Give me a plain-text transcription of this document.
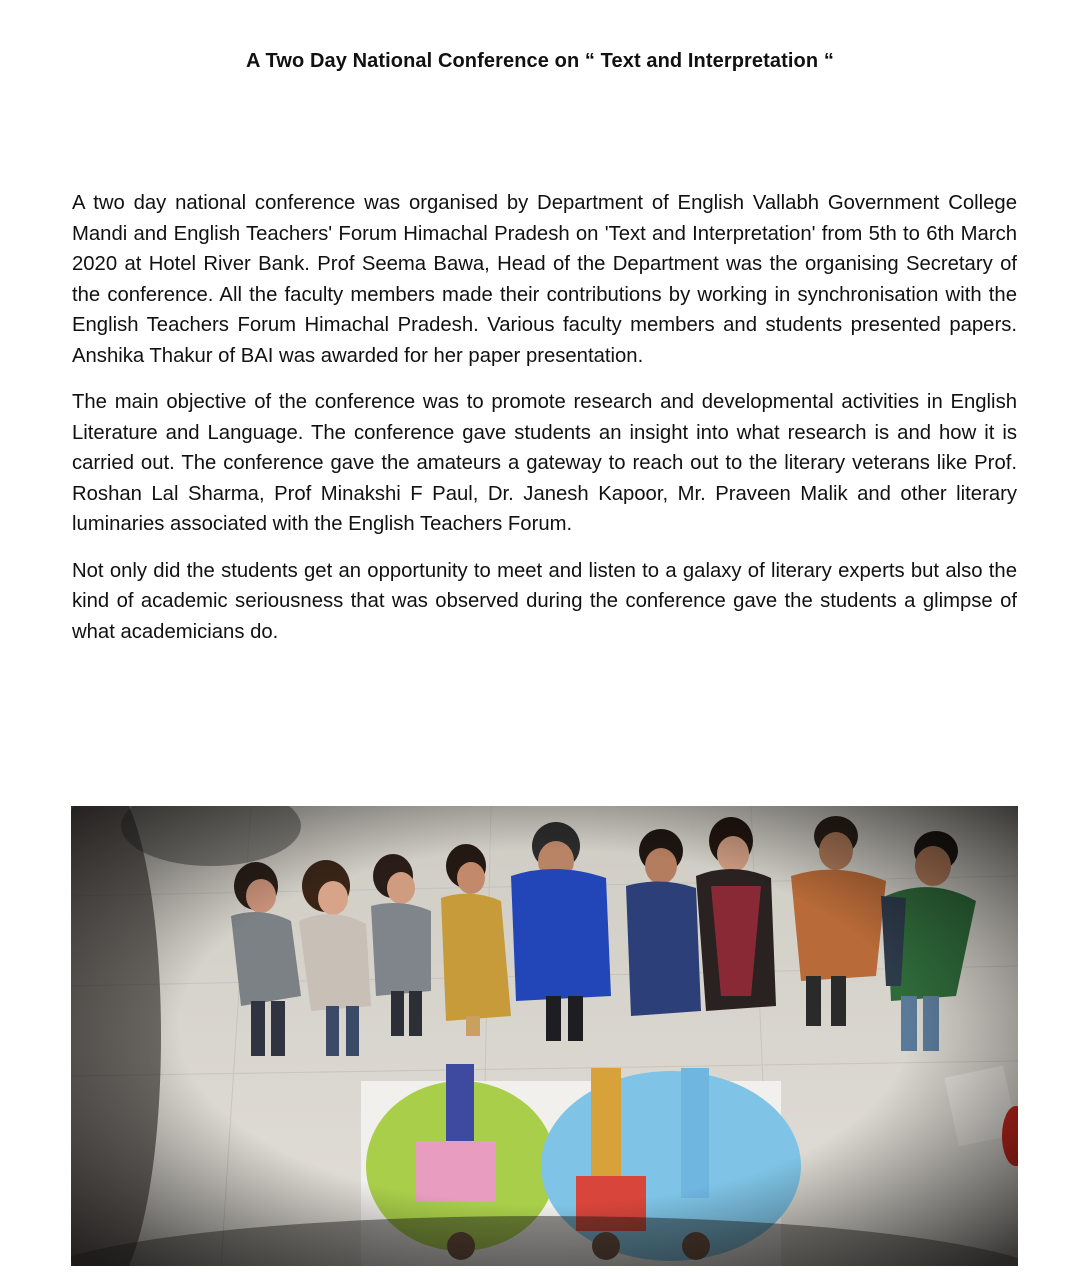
A Two Day National Conference on “ Text and Interpretation “

A two day national conference was organised by Department of English Vallabh Government College Mandi and English Teachers' Forum Himachal Pradesh on 'Text and Interpretation' from 5th to 6th March 2020 at Hotel River Bank. Prof Seema Bawa, Head of the Department was the organising Secretary of the conference. All the faculty members made their contributions by working in synchronisation with the English Teachers Forum Himachal Pradesh. Various faculty members and students presented papers. Anshika Thakur of BAI was awarded for her paper presentation.

The main objective of the conference was to promote research and developmental activities in English Literature and Language. The conference gave students an insight into what research is and how it is carried out. The conference gave the amateurs a gateway to reach out to the literary veterans like Prof. Roshan Lal Sharma, Prof Minakshi F Paul, Dr. Janesh Kapoor, Mr. Praveen Malik and other literary luminaries associated with the English Teachers Forum.

Not only did the students get an opportunity to meet and listen to a galaxy of literary experts but also the kind of academic seriousness that was observed during the conference gave the students a glimpse of what academicians do.
